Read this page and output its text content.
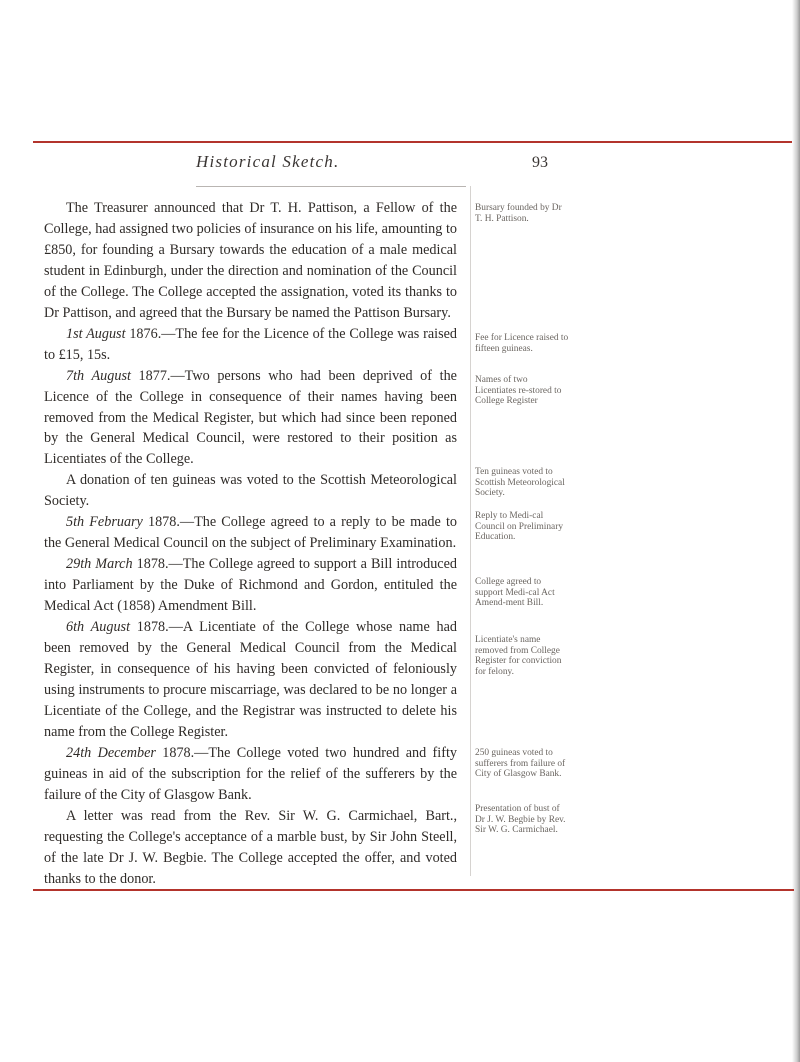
Historical Sketch.	93

The Treasurer announced that Dr T. H. Pattison, a Fellow of the College, had assigned two policies of insurance on his life, amounting to £850, for founding a Bursary towards the education of a male medical student in Edinburgh, under the direction and nomination of the Council of the College. The College accepted the assignation, voted its thanks to Dr Pattison, and agreed that the Bursary be named the Pattison Bursary.

1st August 1876.—The fee for the Licence of the College was raised to £15, 15s.

7th August 1877.—Two persons who had been deprived of the Licence of the College in consequence of their names having been removed from the Medical Register, but which had since been reponed by the General Medical Council, were restored to their position as Licentiates of the College.

A donation of ten guineas was voted to the Scottish Meteorological Society.

5th February 1878.—The College agreed to a reply to be made to the General Medical Council on the subject of Preliminary Examination.

29th March 1878.—The College agreed to support a Bill introduced into Parliament by the Duke of Richmond and Gordon, entituled the Medical Act (1858) Amendment Bill.

6th August 1878.—A Licentiate of the College whose name had been removed by the General Medical Council from the Medical Register, in consequence of his having been convicted of feloniously using instruments to procure miscarriage, was declared to be no longer a Licentiate of the College, and the Registrar was instructed to delete his name from the College Register.

24th December 1878.—The College voted two hundred and fifty guineas in aid of the subscription for the relief of the sufferers by the failure of the City of Glasgow Bank.

A letter was read from the Rev. Sir W. G. Carmichael, Bart., requesting the College's acceptance of a marble bust, by Sir John Steell, of the late Dr J. W. Begbie. The College accepted the offer, and voted thanks to the donor.

Bursary founded by Dr T. H. Pattison.

Fee for Licence raised to fifteen guineas.

Names of two Licentiates re-stored to College Register

Ten guineas voted to Scottish Meteorological Society.

Reply to Medi-cal Council on Preliminary Education.

College agreed to support Medi-cal Act Amend-ment Bill.

Licentiate's name removed from College Register for conviction for felony.

250 guineas voted to sufferers from failure of City of Glasgow Bank.

Presentation of bust of Dr J. W. Begbie by Rev. Sir W. G. Carmichael.
